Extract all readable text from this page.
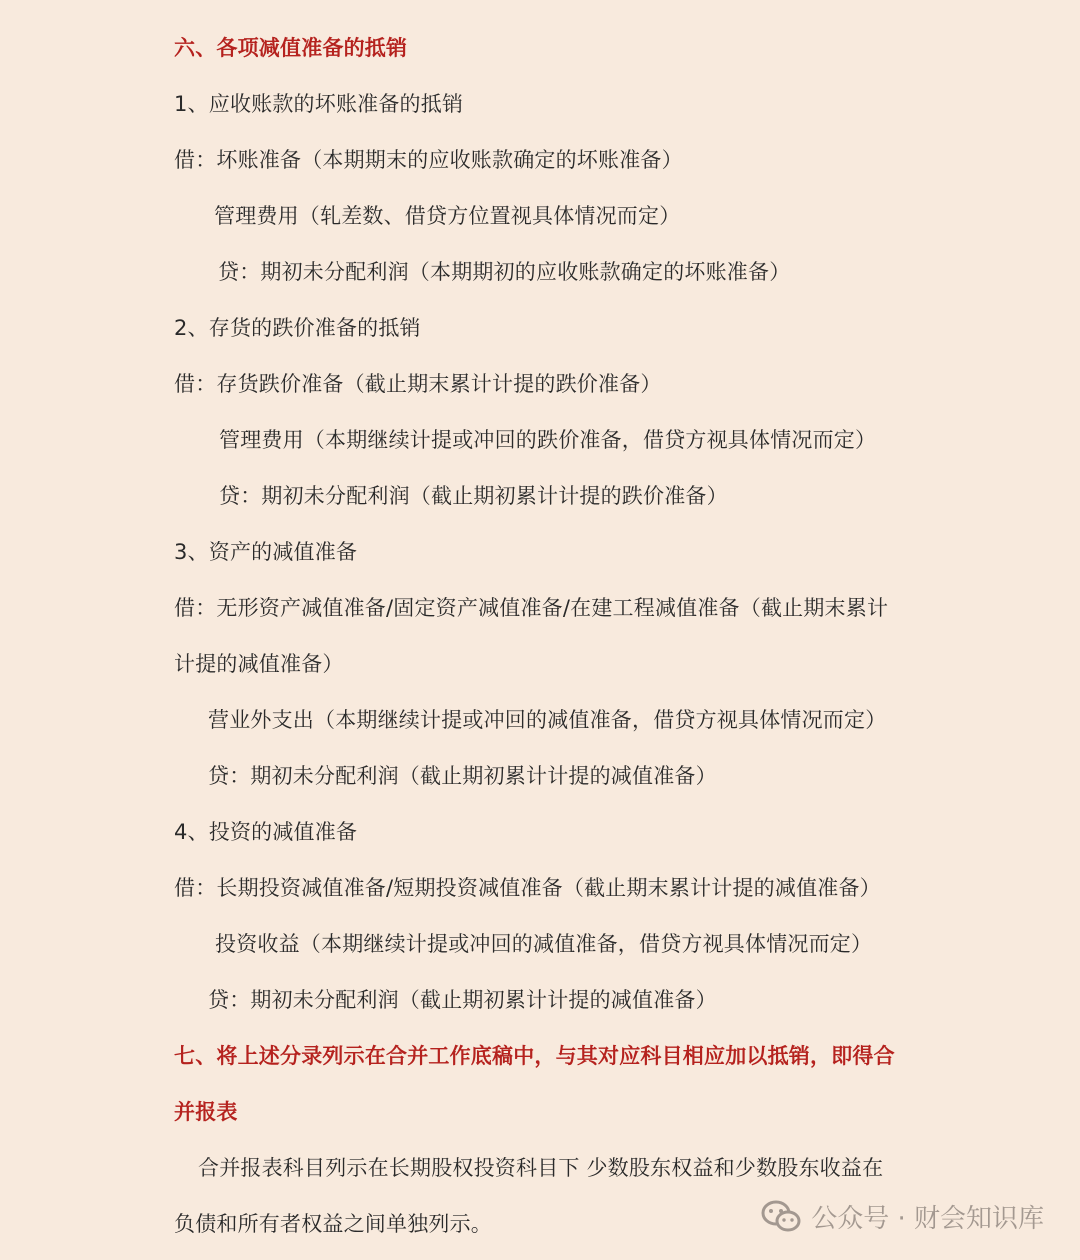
六、各项减值准备的抵销
1、应收账款的坏账准备的抵销
借：坏账准备（本期期末的应收账款确定的坏账准备）
管理费用（轧差数、借贷方位置视具体情况而定）
贷：期初未分配利润（本期期初的应收账款确定的坏账准备）
2、存货的跌价准备的抵销
借：存货跌价准备（截止期末累计计提的跌价准备）
管理费用（本期继续计提或冲回的跌价准备，借贷方视具体情况而定）
贷：期初未分配利润（截止期初累计计提的跌价准备）
3、资产的减值准备
借：无形资产减值准备/固定资产减值准备/在建工程减值准备（截止期末累计
计提的减值准备）
营业外支出（本期继续计提或冲回的减值准备，借贷方视具体情况而定）
贷：期初未分配利润（截止期初累计计提的减值准备）
4、投资的减值准备
借：长期投资减值准备/短期投资减值准备（截止期末累计计提的减值准备）
投资收益（本期继续计提或冲回的减值准备，借贷方视具体情况而定）
贷：期初未分配利润（截止期初累计计提的减值准备）
七、将上述分录列示在合并工作底稿中，与其对应科目相应加以抵销，即得合
并报表
合并报表科目列示在长期股权投资科目下 少数股东权益和少数股东收益在
负债和所有者权益之间单独列示。	公众号 · 财会知识库
